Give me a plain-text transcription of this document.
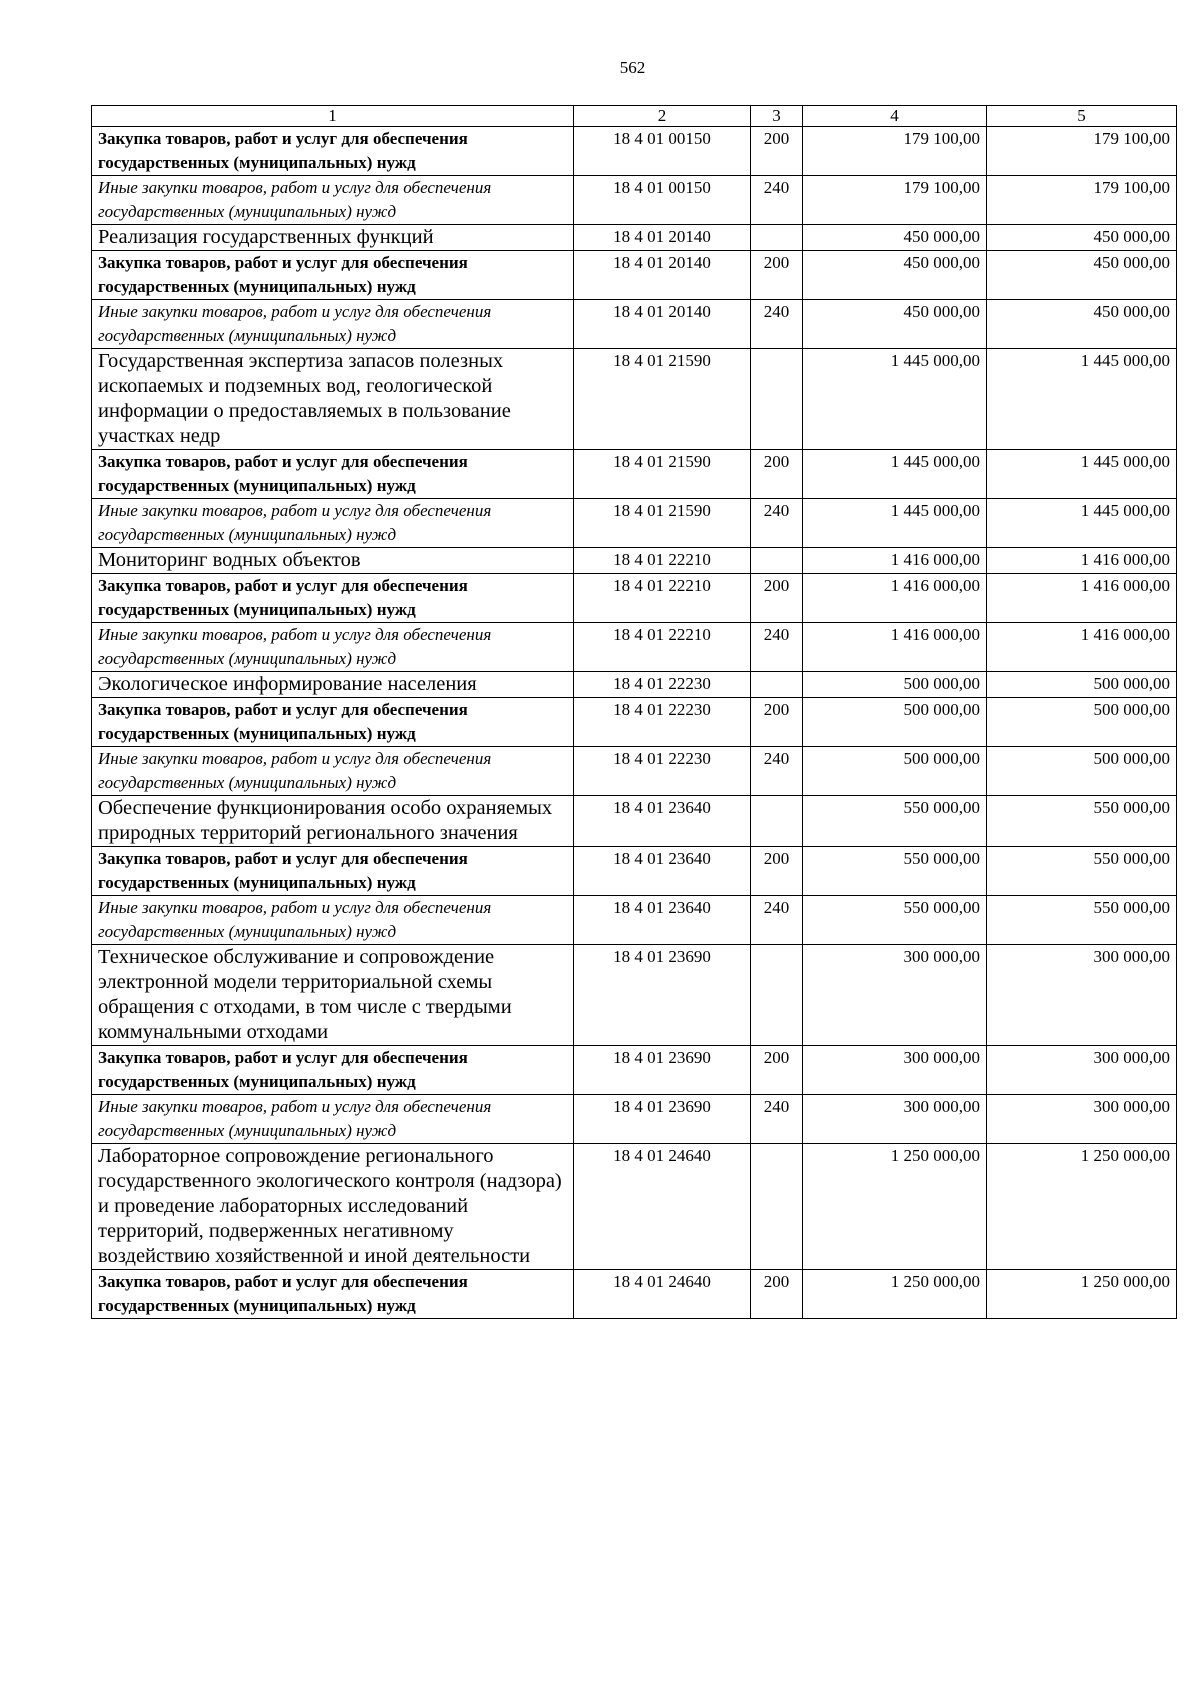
562
1	2	3	4	5
Закупка товаров, работ и услуг для обеспечения государственных (муниципальных) нужд	18 4 01 00150	200	179 100,00	179 100,00
Иные закупки товаров, работ и услуг для обеспечения государственных (муниципальных) нужд	18 4 01 00150	240	179 100,00	179 100,00
Реализация государственных функций	18 4 01 20140		450 000,00	450 000,00
Закупка товаров, работ и услуг для обеспечения государственных (муниципальных) нужд	18 4 01 20140	200	450 000,00	450 000,00
Иные закупки товаров, работ и услуг для обеспечения государственных (муниципальных) нужд	18 4 01 20140	240	450 000,00	450 000,00
Государственная экспертиза запасов полезных ископаемых и подземных вод, геологической информации о предоставляемых в пользование участках недр	18 4 01 21590		1 445 000,00	1 445 000,00
Закупка товаров, работ и услуг для обеспечения государственных (муниципальных) нужд	18 4 01 21590	200	1 445 000,00	1 445 000,00
Иные закупки товаров, работ и услуг для обеспечения государственных (муниципальных) нужд	18 4 01 21590	240	1 445 000,00	1 445 000,00
Мониторинг водных объектов	18 4 01 22210		1 416 000,00	1 416 000,00
Закупка товаров, работ и услуг для обеспечения государственных (муниципальных) нужд	18 4 01 22210	200	1 416 000,00	1 416 000,00
Иные закупки товаров, работ и услуг для обеспечения государственных (муниципальных) нужд	18 4 01 22210	240	1 416 000,00	1 416 000,00
Экологическое информирование населения	18 4 01 22230		500 000,00	500 000,00
Закупка товаров, работ и услуг для обеспечения государственных (муниципальных) нужд	18 4 01 22230	200	500 000,00	500 000,00
Иные закупки товаров, работ и услуг для обеспечения государственных (муниципальных) нужд	18 4 01 22230	240	500 000,00	500 000,00
Обеспечение функционирования особо охраняемых природных территорий регионального значения	18 4 01 23640		550 000,00	550 000,00
Закупка товаров, работ и услуг для обеспечения государственных (муниципальных) нужд	18 4 01 23640	200	550 000,00	550 000,00
Иные закупки товаров, работ и услуг для обеспечения государственных (муниципальных) нужд	18 4 01 23640	240	550 000,00	550 000,00
Техническое обслуживание и сопровождение электронной модели территориальной схемы обращения с отходами, в том числе с твердыми коммунальными отходами	18 4 01 23690		300 000,00	300 000,00
Закупка товаров, работ и услуг для обеспечения государственных (муниципальных) нужд	18 4 01 23690	200	300 000,00	300 000,00
Иные закупки товаров, работ и услуг для обеспечения государственных (муниципальных) нужд	18 4 01 23690	240	300 000,00	300 000,00
Лабораторное сопровождение регионального государственного экологического контроля (надзора) и проведение лабораторных исследований территорий, подверженных негативному воздействию хозяйственной и иной деятельности	18 4 01 24640		1 250 000,00	1 250 000,00
Закупка товаров, работ и услуг для обеспечения государственных (муниципальных) нужд	18 4 01 24640	200	1 250 000,00	1 250 000,00
